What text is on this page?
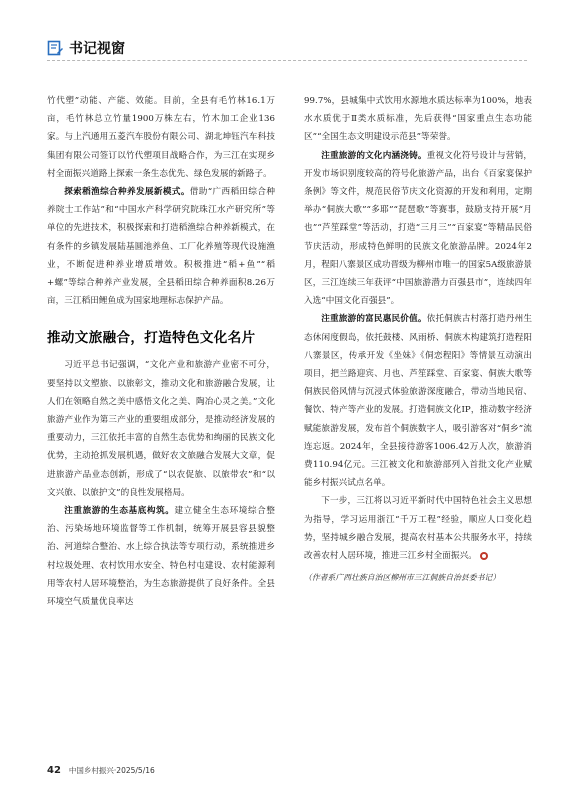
书记视窗

竹代塑”动能、产能、效能。目前，全县有毛竹林16.1万亩，毛竹林总立竹量1900万株左右，竹木加工企业136家。与上汽通用五菱汽车股份有限公司、湖北坤钰汽车科技集团有限公司签订以竹代塑项目战略合作，为三江在实现乡村全面振兴道路上探索一条生态优先、绿色发展的新路子。

探索稻渔综合种养发展新模式。借助“广西稻田综合种养院士工作站”和“中国水产科学研究院珠江水产研究所”等单位的先进技术，积极探索和打造稻渔综合种养新模式，在有条件的乡镇发展陆基圆池养鱼、工厂化养殖等现代设施渔业，不断促进种养业增质增效。积极推进“稻+鱼”“稻+螺”等综合种养产业发展，全县稻田综合种养面积8.26万亩，三江稻田鲤鱼成为国家地理标志保护产品。

推动文旅融合，打造特色文化名片

习近平总书记强调，“文化产业和旅游产业密不可分，要坚持以文塑旅、以旅彰文，推动文化和旅游融合发展，让人们在领略自然之美中感悟文化之美、陶冶心灵之美。”文化旅游产业作为第三产业的重要组成部分，是推动经济发展的重要动力，三江依托丰富的自然生态优势和绚丽的民族文化优势，主动抢抓发展机遇，做好农文旅融合发展大文章，促进旅游产品业态创新，形成了“以农促旅、以旅带农”和“以文兴旅、以旅护文”的良性发展格局。

注重旅游的生态基底构筑。建立健全生态环境综合整治、污染场地环境监督等工作机制，统筹开展县容县貌整治、河道综合整治、水上综合执法等专项行动，系统推进乡村垃圾处理、农村饮用水安全、特色村屯建设、农村能源利用等农村人居环境整治，为生态旅游提供了良好条件。全县环境空气质量优良率达

99.7%，县城集中式饮用水源地水质达标率为100%，地表水水质优于Ⅱ类水质标准，先后获得“国家重点生态功能区”“全国生态文明建设示范县”等荣誉。

注重旅游的文化内涵浇铸。重视文化符号设计与营销，开发市场识别度较高的符号化旅游产品，出台《百家宴保护条例》等文件，规范民俗节庆文化资源的开发和利用，定期举办“侗族大歌”“多耶”“琵琶歌”等赛事，鼓励支持开展“月也”“芦笙踩堂”等活动，打造“三月三”“百家宴”等精品民俗节庆活动，形成特色鲜明的民族文化旅游品牌。2024年2月，程阳八寨景区成功晋级为柳州市唯一的国家5A级旅游景区，三江连续三年获评“中国旅游潜力百强县市”，连续四年入选“中国文化百强县”。

注重旅游的富民惠民价值。依托侗族古村落打造丹州生态休闲度假岛，依托鼓楼、风雨桥、侗族木构建筑打造程阳八寨景区，传承开发《坐妹》《侗恋程阳》等情景互动演出项目，把兰路迎宾、月也、芦笙踩堂、百家宴、侗族大歌等侗族民俗风情与沉浸式体验旅游深度融合，带动当地民宿、餐饮、特产等产业的发展。打造侗族文化IP，推动数字经济赋能旅游发展，发布首个侗族数字人，吸引游客对“侗乡”流连忘返。2024年，全县接待游客1006.42万人次，旅游消费110.94亿元。三江被文化和旅游部列入首批文化产业赋能乡村振兴试点名单。

下一步，三江将以习近平新时代中国特色社会主义思想为指导，学习运用浙江“千万工程”经验，顺应人口变化趋势，坚持城乡融合发展，提高农村基本公共服务水平，持续改善农村人居环境，推进三江乡村全面振兴。

（作者系广西壮族自治区柳州市三江侗族自治县委书记）
42 中国乡村振兴·2025/5/16
